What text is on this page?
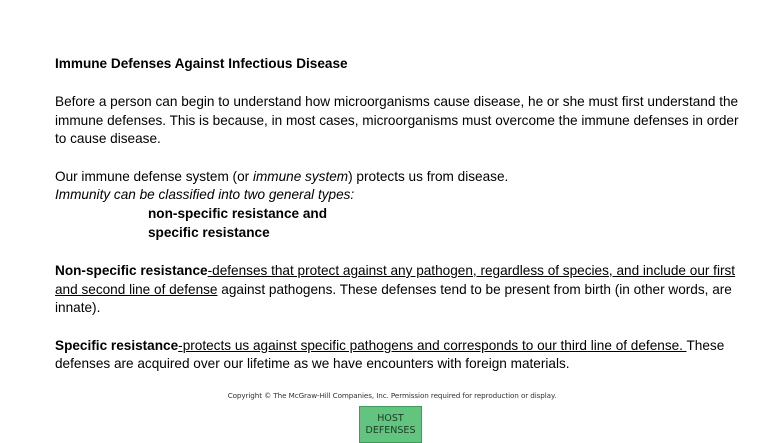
Immune Defenses Against Infectious Disease

Before a person can begin to understand how microorganisms cause disease, he or she must first understand the immune defenses. This is because, in most cases, microorganisms must overcome the immune defenses in order to cause disease.

Our immune defense system (or immune system) protects us from disease.

Immunity can be classified into two general types:

non-specific resistance and
specific resistance

Non-specific resistance-defenses that protect against any pathogen, regardless of species, and include our first and second line of defense against pathogens. These defenses tend to be present from birth (in other words, are innate).

Specific resistance-protects us against specific pathogens and corresponds to our third line of defense. These defenses are acquired over our lifetime as we have encounters with foreign materials.

Copyright © The McGraw-Hill Companies, Inc. Permission required for reproduction or display.
HOST
DEFENSES
